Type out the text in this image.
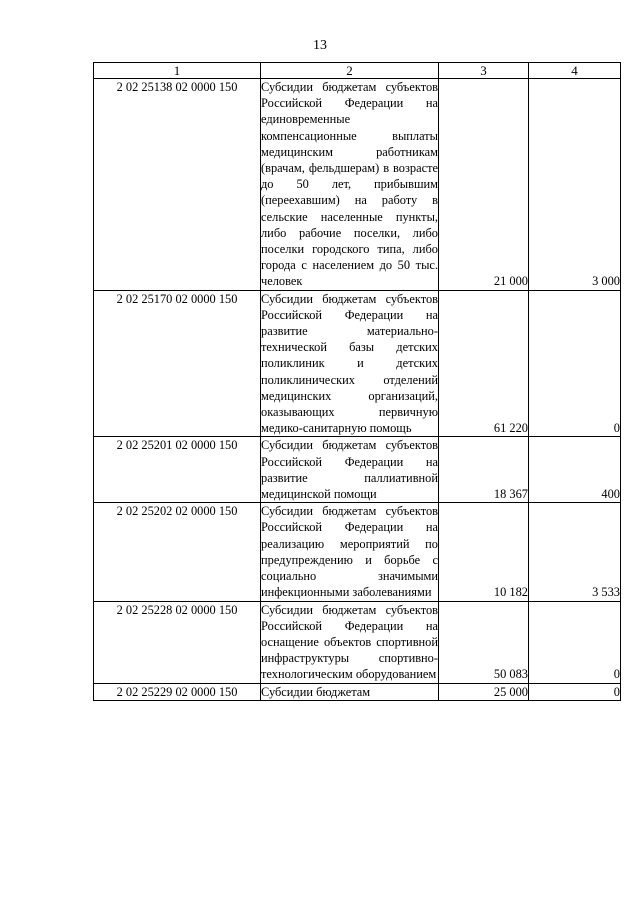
13
1	2	3	4
2 02 25138 02 0000 150	Субсидии бюджетам субъектов Российской Федерации на единовременные компенсационные выплаты медицинским работникам (врачам, фельдшерам) в возрасте до 50 лет, прибывшим (переехавшим) на работу в сельские населенные пункты, либо рабочие поселки, либо поселки городского типа, либо города с населением до 50 тыс. человек	21 000	3 000
2 02 25170 02 0000 150	Субсидии бюджетам субъектов Российской Федерации на развитие материально-технической базы детских поликлиник и детских поликлинических отделений медицинских организаций, оказывающих первичную медико-санитарную помощь	61 220	0
2 02 25201 02 0000 150	Субсидии бюджетам субъектов Российской Федерации на развитие паллиативной медицинской помощи	18 367	400
2 02 25202 02 0000 150	Субсидии бюджетам субъектов Российской Федерации на реализацию мероприятий по предупреждению и борьбе с социально значимыми инфекционными заболеваниями	10 182	3 533
2 02 25228 02 0000 150	Субсидии бюджетам субъектов Российской Федерации на оснащение объектов спортивной инфраструктуры спортивно-технологическим оборудованием	50 083	0
2 02 25229 02 0000 150	Субсидии бюджетам	25 000	0
